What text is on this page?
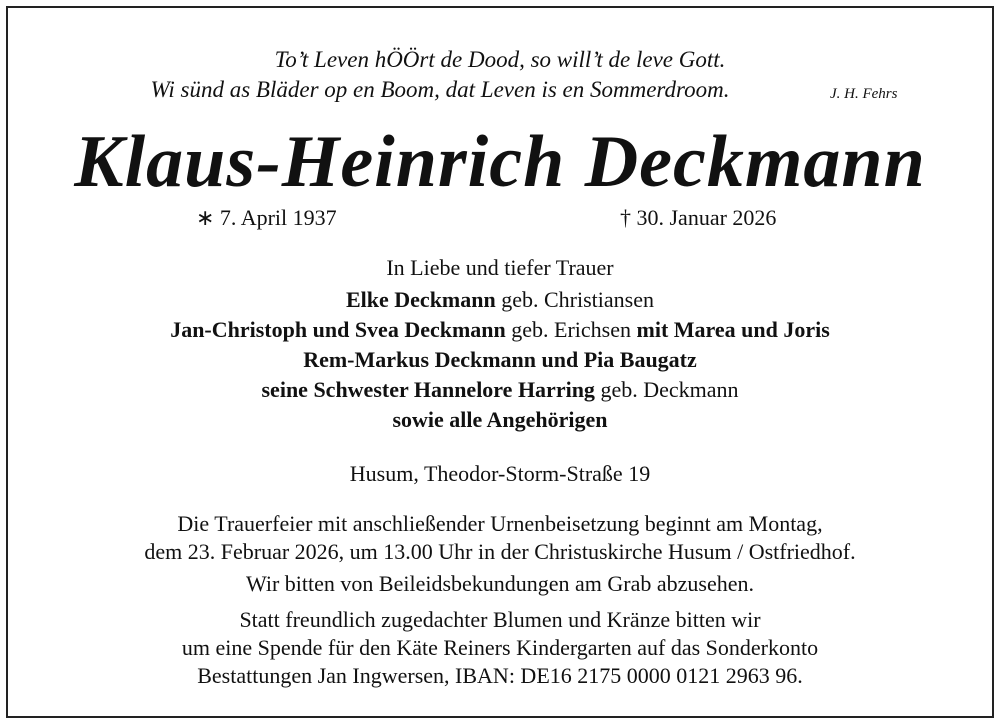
To’t Leven hÖÖrt de Dood, so will’t de leve Gott.
Wi sünd as Bläder op en Boom, dat Leven is en Sommerdroom.	J. H. Fehrs
Klaus-Heinrich Deckmann
∗ 7. April 1937	† 30. Januar 2026
In Liebe und tiefer Trauer
Elke Deckmann geb. Christiansen
Jan-Christoph und Svea Deckmann geb. Erichsen mit Marea und Joris
Rem-Markus Deckmann und Pia Baugatz
seine Schwester Hannelore Harring geb. Deckmann
sowie alle Angehörigen
Husum, Theodor-Storm-Straße 19
Die Trauerfeier mit anschließender Urnenbeisetzung beginnt am Montag,
dem 23. Februar 2026, um 13.00 Uhr in der Christuskirche Husum / Ostfriedhof.
Wir bitten von Beileidsbekundungen am Grab abzusehen.
Statt freundlich zugedachter Blumen und Kränze bitten wir
um eine Spende für den Käte Reiners Kindergarten auf das Sonderkonto
Bestattungen Jan Ingwersen, IBAN: DE16 2175 0000 0121 2963 96.
